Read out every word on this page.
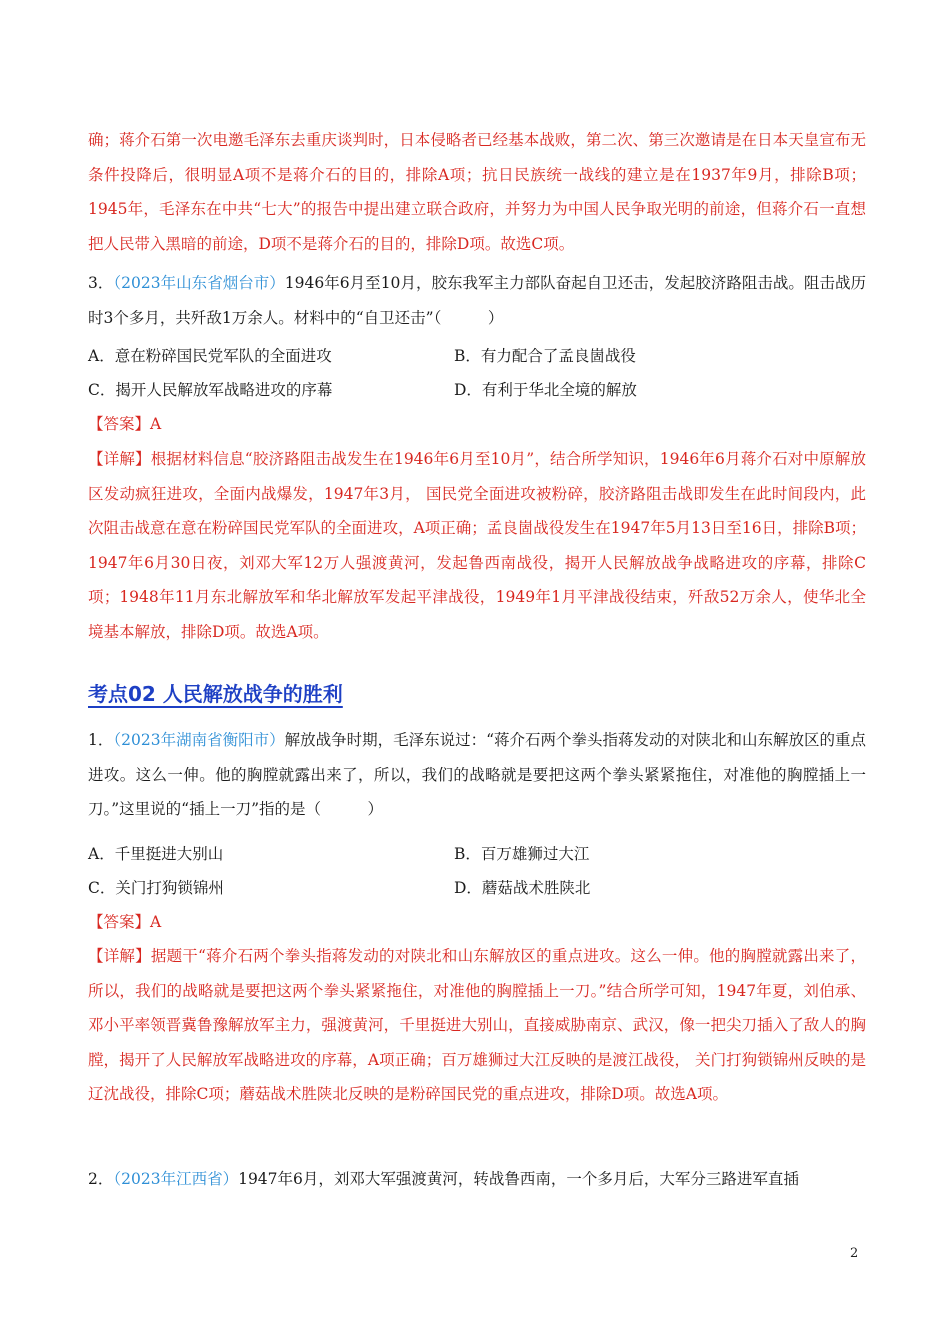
确；蒋介石第一次电邀毛泽东去重庆谈判时，日本侵略者已经基本战败，第二次、第三次邀请是在日本天皇宣布无条件投降后，很明显A项不是蒋介石的目的，排除A项；抗日民族统一战线的建立是在1937年9月，排除B项；1945年，毛泽东在中共“七大”的报告中提出建立联合政府，并努力为中国人民争取光明的前途，但蒋介石一直想把人民带入黑暗的前途，D项不是蒋介石的目的，排除D项。故选C项。

3．（2023年山东省烟台市）1946年6月至10月，胶东我军主力部队奋起自卫还击，发起胶济路阻击战。阻击战历时3个多月，共歼敌1万余人。材料中的“自卫还击”（　　　）

A．意在粉碎国民党军队的全面进攻	B．有力配合了孟良崮战役
C．揭开人民解放军战略进攻的序幕	D．有利于华北全境的解放

【答案】A

【详解】根据材料信息“胶济路阻击战发生在1946年6月至10月”，结合所学知识，1946年6月蒋介石对中原解放区发动疯狂进攻，全面内战爆发，1947年3月， 国民党全面进攻被粉碎，胶济路阻击战即发生在此时间段内，此次阻击战意在意在粉碎国民党军队的全面进攻，A项正确；孟良崮战役发生在1947年5月13日至16日，排除B项；1947年6月30日夜，刘邓大军12万人强渡黄河，发起鲁西南战役，揭开人民解放战争战略进攻的序幕，排除C项；1948年11月东北解放军和华北解放军发起平津战役，1949年1月平津战役结束，歼敌52万余人，使华北全境基本解放，排除D项。故选A项。

考点02 人民解放战争的胜利

1．（2023年湖南省衡阳市）解放战争时期，毛泽东说过：“蒋介石两个拳头指蒋发动的对陕北和山东解放区的重点进攻。这么一伸。他的胸膛就露出来了，所以，我们的战略就是要把这两个拳头紧紧拖住，对准他的胸膛插上一刀。”这里说的“插上一刀”指的是（　　　）

A．千里挺进大别山	B．百万雄狮过大江
C．关门打狗锁锦州	D．蘑菇战术胜陕北

【答案】A

【详解】据题干“蒋介石两个拳头指蒋发动的对陕北和山东解放区的重点进攻。这么一伸。他的胸膛就露出来了，所以，我们的战略就是要把这两个拳头紧紧拖住，对准他的胸膛插上一刀。”结合所学可知，1947年夏，刘伯承、邓小平率领晋冀鲁豫解放军主力，强渡黄河，千里挺进大别山，直接威胁南京、武汉，像一把尖刀插入了敌人的胸膛，揭开了人民解放军战略进攻的序幕，A项正确；百万雄狮过大江反映的是渡江战役， 关门打狗锁锦州反映的是辽沈战役，排除C项；蘑菇战术胜陕北反映的是粉碎国民党的重点进攻，排除D项。故选A项。

2．（2023年江西省）1947年6月，刘邓大军强渡黄河，转战鲁西南，一个多月后，大军分三路进军直插

2
